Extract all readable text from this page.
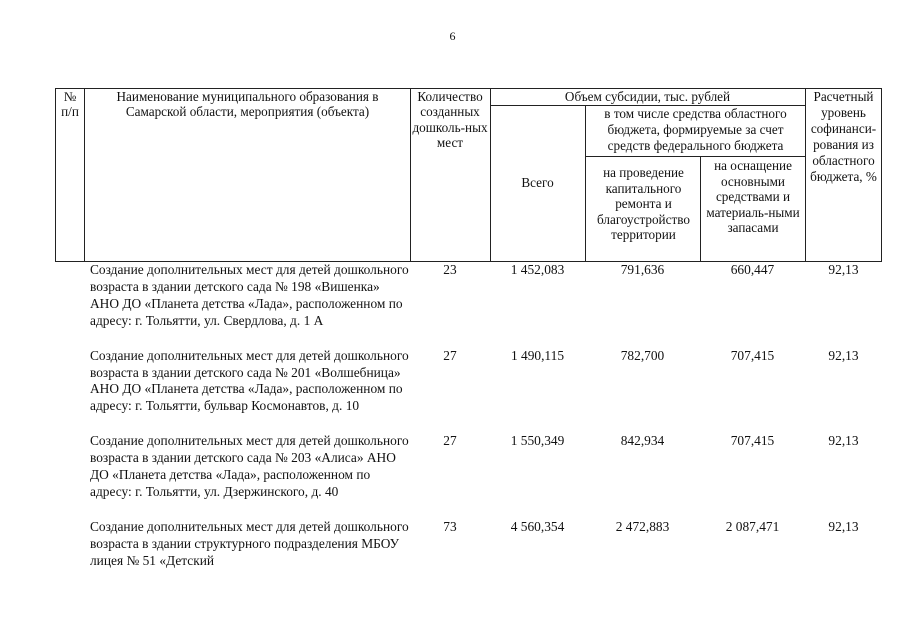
6
№ п/п
Наименование муниципального образования в Самарской области, мероприятия (объекта)
Количество созданных дошколь-ных мест
Объем субсидии, тыс. рублей
Всего
в том числе средства областного бюджета, формируемые за счет средств федерального бюджета
на проведение капитального ремонта и благоустройство территории
на оснащение основными средствами и материаль-ными запасами
Расчетный уровень софинанси-рования из областного бюджета, %
Создание дополнительных мест для детей дошкольного возраста в здании детского сада № 198 «Вишенка» АНО ДО «Планета детства «Лада», расположенном по адресу: г. Тольятти, ул. Свердлова, д. 1 А
23	1 452,083	791,636	660,447	92,13
Создание дополнительных мест для детей дошкольного возраста в здании детского сада № 201 «Волшебница» АНО ДО «Планета детства «Лада», расположенном по адресу: г. Тольятти, бульвар Космонавтов, д. 10
27	1 490,115	782,700	707,415	92,13
Создание дополнительных мест для детей дошкольного возраста в здании детского сада № 203 «Алиса» АНО ДО «Планета детства «Лада», расположенном по адресу: г. Тольятти, ул. Дзержинского, д. 40
27	1 550,349	842,934	707,415	92,13
Создание дополнительных мест для детей дошкольного возраста в здании структурного подразделения МБОУ лицея № 51 «Детский
73	4 560,354	2 472,883	2 087,471	92,13
